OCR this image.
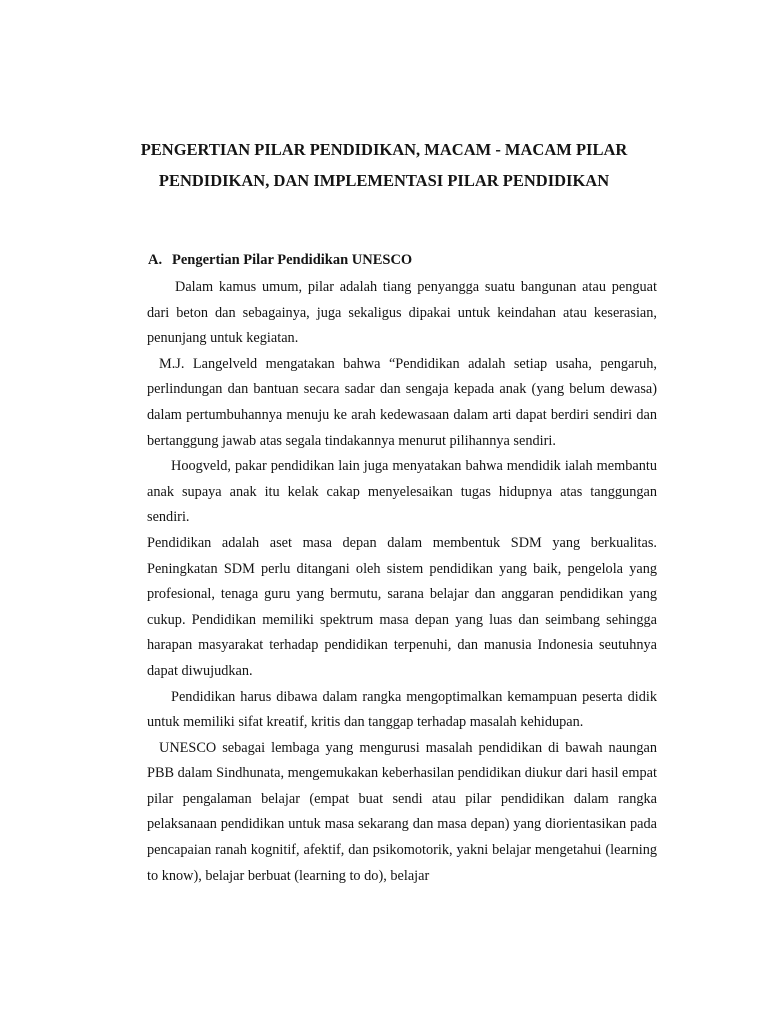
PENGERTIAN PILAR PENDIDIKAN, MACAM - MACAM PILAR
PENDIDIKAN, DAN IMPLEMENTASI PILAR PENDIDIKAN
A. Pengertian Pilar Pendidikan UNESCO

Dalam kamus umum, pilar adalah tiang penyangga suatu bangunan atau penguat dari beton dan sebagainya, juga sekaligus dipakai untuk keindahan atau keserasian, penunjang untuk kegiatan.

M.J. Langelveld mengatakan bahwa “Pendidikan adalah setiap usaha, pengaruh, perlindungan dan bantuan secara sadar dan sengaja kepada anak (yang belum dewasa) dalam pertumbuhannya menuju ke arah kedewasaan dalam arti dapat berdiri sendiri dan bertanggung jawab atas segala tindakannya menurut pilihannya sendiri.

Hoogveld, pakar pendidikan lain juga menyatakan bahwa mendidik ialah membantu anak supaya anak itu kelak cakap menyelesaikan tugas hidupnya atas tanggungan sendiri.

Pendidikan adalah aset masa depan dalam membentuk SDM yang berkualitas. Peningkatan SDM perlu ditangani oleh sistem pendidikan yang baik, pengelola yang profesional, tenaga guru yang bermutu, sarana belajar dan anggaran pendidikan yang cukup. Pendidikan memiliki spektrum masa depan yang luas dan seimbang sehingga harapan masyarakat terhadap pendidikan terpenuhi, dan manusia Indonesia seutuhnya dapat diwujudkan.

Pendidikan harus dibawa dalam rangka mengoptimalkan kemampuan peserta didik untuk memiliki sifat kreatif, kritis dan tanggap terhadap masalah kehidupan.

UNESCO sebagai lembaga yang mengurusi masalah pendidikan di bawah naungan PBB dalam Sindhunata, mengemukakan keberhasilan pendidikan diukur dari hasil empat pilar pengalaman belajar (empat buat sendi atau pilar pendidikan dalam rangka pelaksanaan pendidikan untuk masa sekarang dan masa depan) yang diorientasikan pada pencapaian ranah kognitif, afektif, dan psikomotorik, yakni belajar mengetahui (learning to know), belajar berbuat (learning to do), belajar
